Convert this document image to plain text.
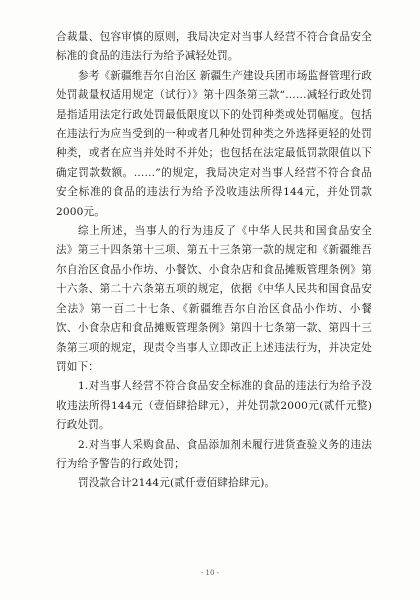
合裁量、包容审慎的原则，我局决定对当事人经营不符合食品安全标准的食品的违法行为给予减轻处罚。

参考《新疆维吾尔自治区 新疆生产建设兵团市场监督管理行政处罚裁量权适用规定（试行）》第十四条第三款“……减轻行政处罚是指适用法定行政处罚最低限度以下的处罚种类或处罚幅度。包括在违法行为应当受到的一种或者几种处罚种类之外选择更轻的处罚种类，或者在应当并处时不并处；也包括在法定最低罚款限值以下确定罚款数额。……”的规定，我局决定对当事人经营不符合食品安全标准的食品的违法行为给予没收违法所得144元，并处罚款2000元。

综上所述，当事人的行为违反了《中华人民共和国食品安全法》第三十四条第十三项、第五十三条第一款的规定和《新疆维吾尔自治区食品小作坊、小餐饮、小食杂店和食品摊贩管理条例》第十六条、第二十六条第五项的规定，依据《中华人民共和国食品安全法》第一百二十七条、《新疆维吾尔自治区食品小作坊、小餐饮、小食杂店和食品摊贩管理条例》第四十七条第一款、第四十三条第三项的规定，现责令当事人立即改正上述违法行为，并决定处罚如下：

1.对当事人经营不符合食品安全标准的食品的违法行为给予没收违法所得144元（壹佰肆拾肆元），并处罚款2000元(贰仟元整)行政处罚。

2.对当事人采购食品、食品添加剂未履行进货查验义务的违法行为给予警告的行政处罚；

罚没款合计2144元(贰仟壹佰肆拾肆元)。

- 10 -
